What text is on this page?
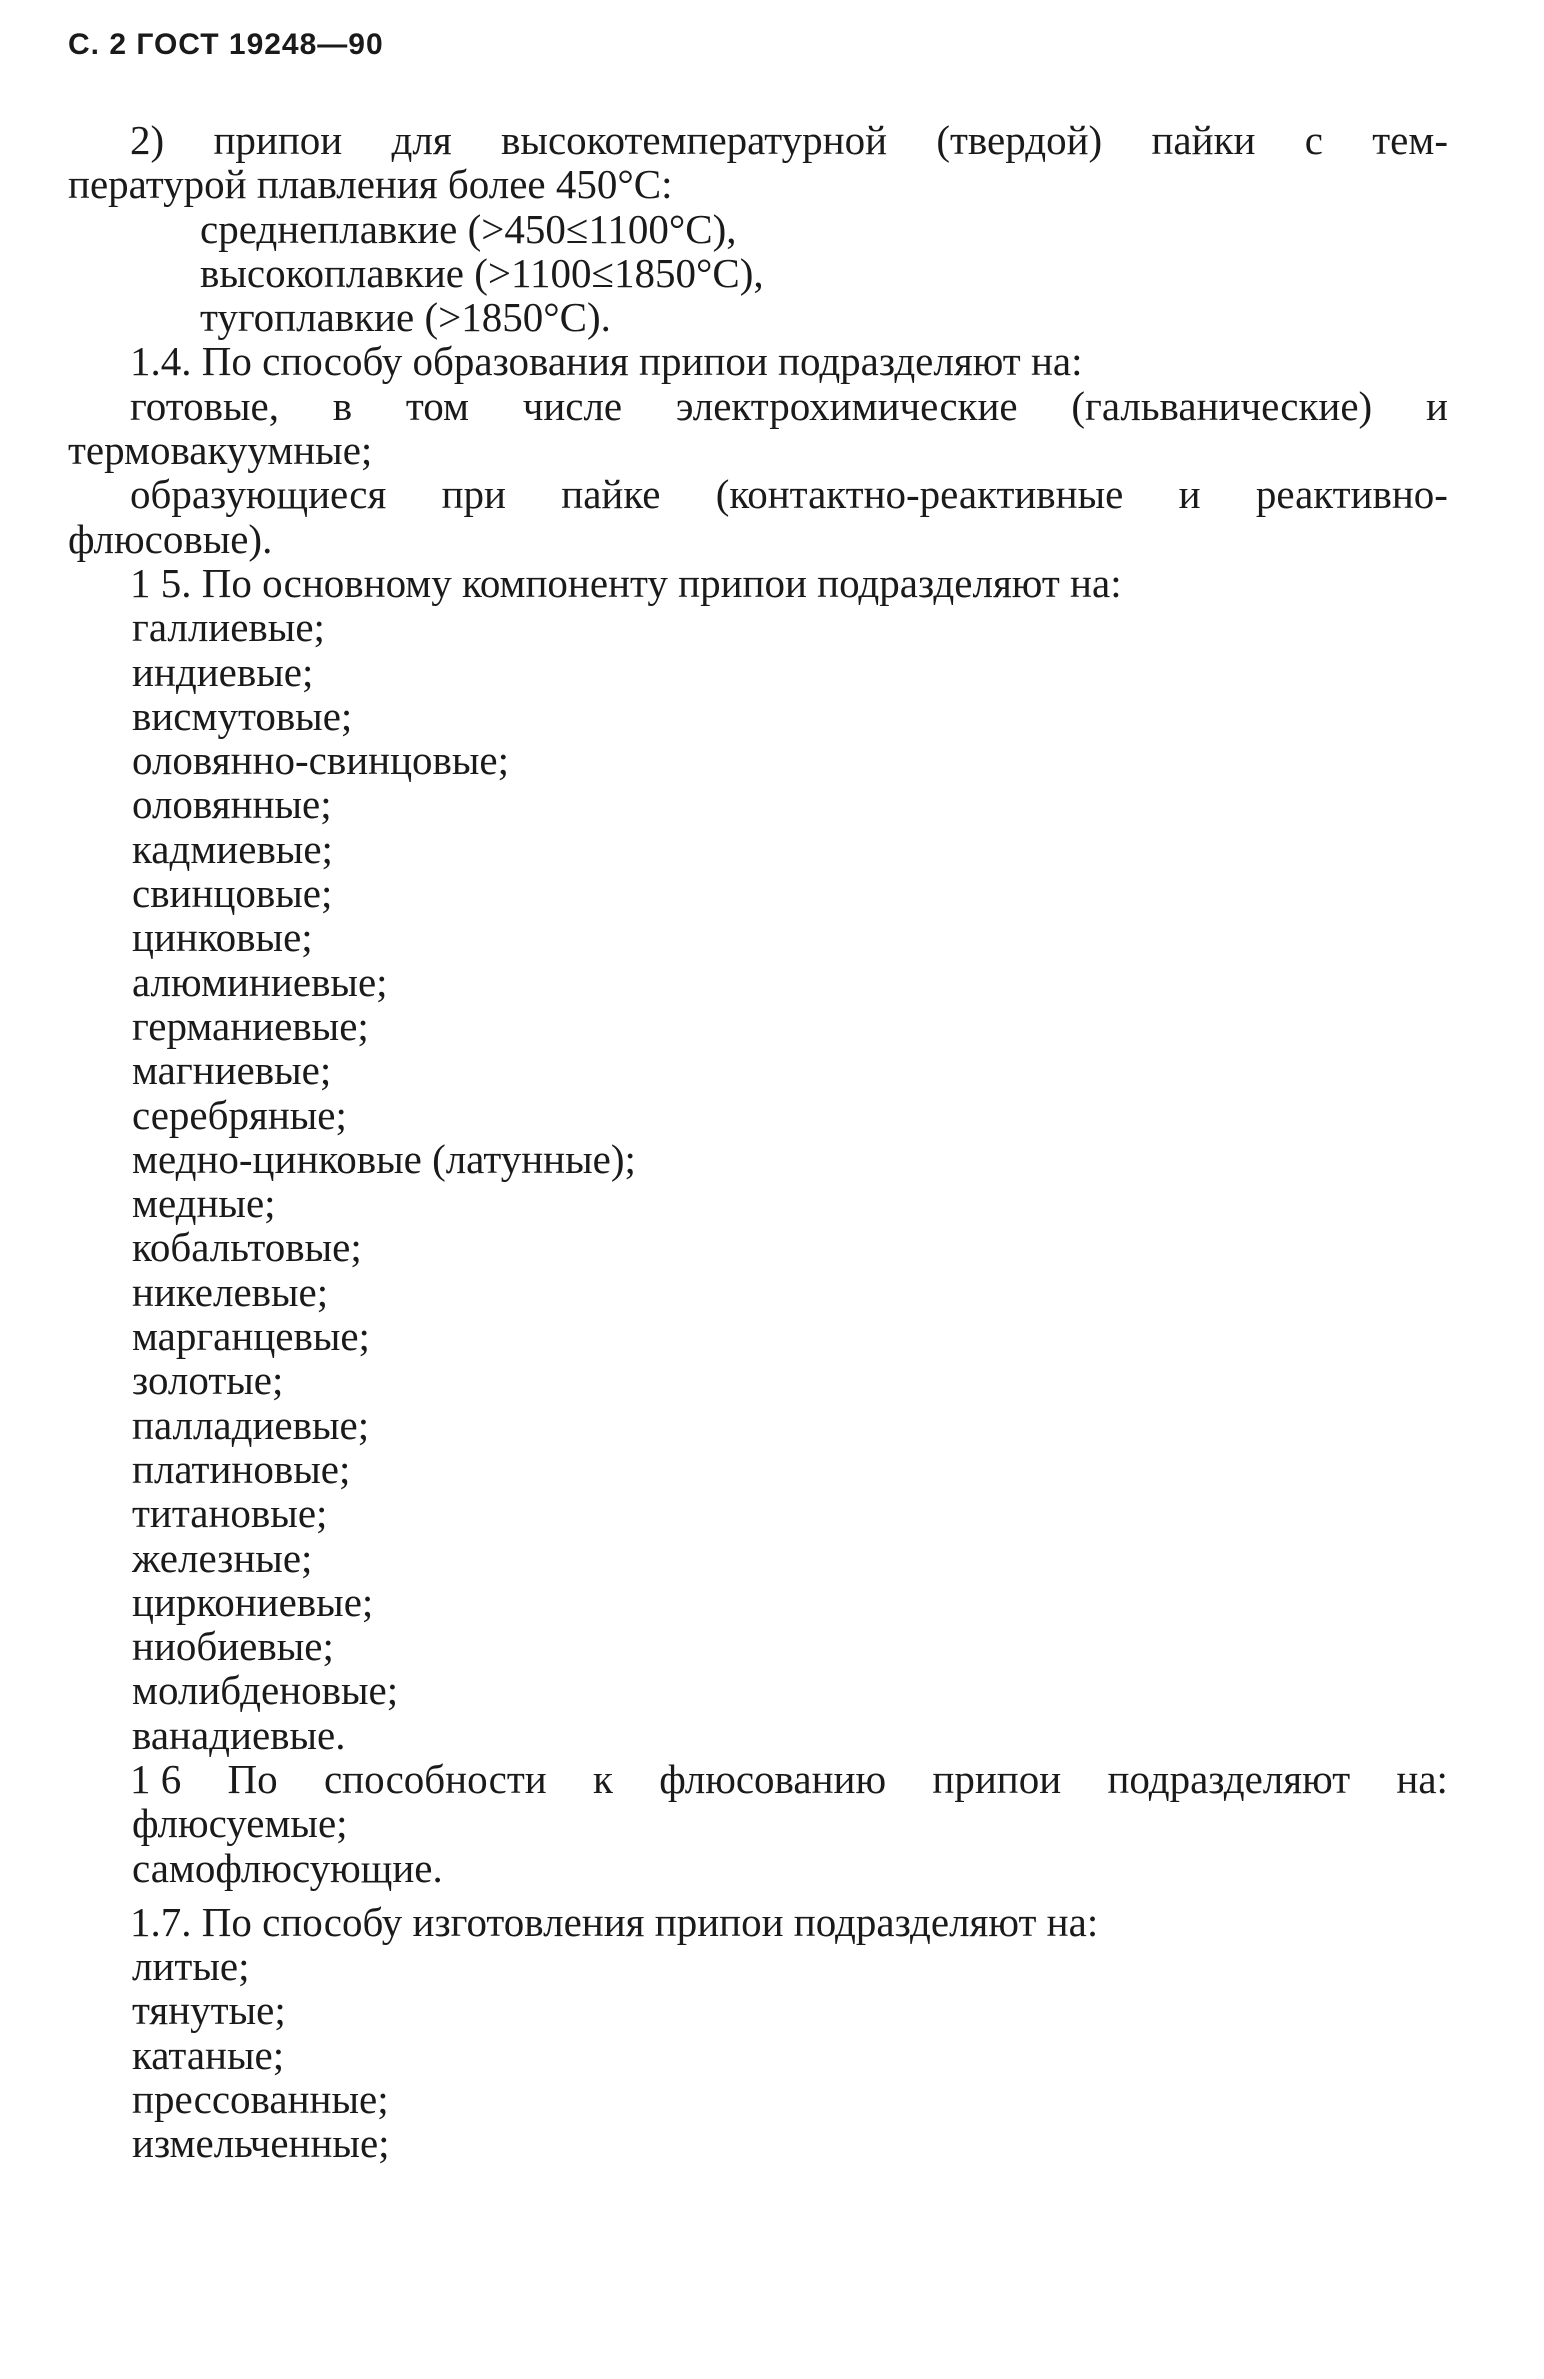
С. 2 ГОСТ 19248—90
2) припои для высокотемпературной (твердой) пайки с тем-
пературой плавления более 450°С:
среднеплавкие (>450≤1100°С),
высокоплавкие (>1100≤1850°С),
тугоплавкие (>1850°С).
1.4. По способу образования припои подразделяют на:
готовые, в том числе электрохимические (гальванические) и
термовакуумные;
образующиеся при пайке (контактно-реактивные и реактивно-
флюсовые).
1 5. По основному компоненту припои подразделяют на:
галлиевые;
индиевые;
висмутовые;
оловянно-свинцовые;
оловянные;
кадмиевые;
свинцовые;
цинковые;
алюминиевые;
германиевые;
магниевые;
серебряные;
медно-цинковые (латунные);
медные;
кобальтовые;
никелевые;
марганцевые;
золотые;
палладиевые;
платиновые;
титановые;
железные;
циркониевые;
ниобиевые;
молибденовые;
ванадиевые.
1 6 По способности к флюсованию припои подразделяют на:
флюсуемые;
самофлюсующие.
1.7. По способу изготовления припои подразделяют на:
литые;
тянутые;
катаные;
прессованные;
измельченные;
